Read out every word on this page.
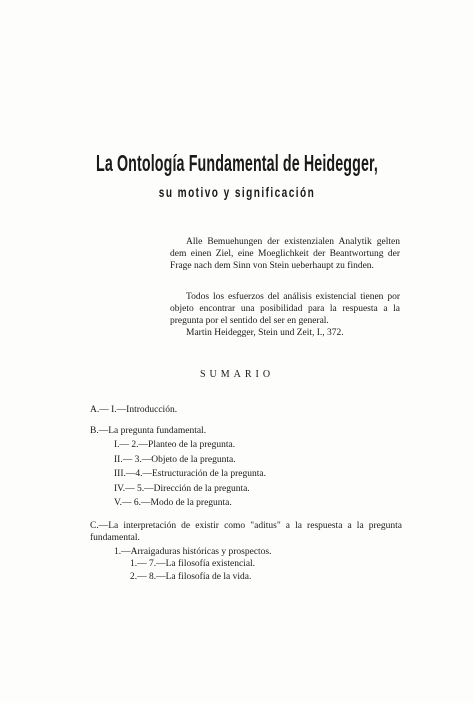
La Ontología Fundamental de Heidegger,
su motivo y significación

Alle Bemuehungen der existenzialen Analytik gelten dem einen Ziel, eine Moeglichkeit der Beantwortung der Frage nach dem Sinn von Stein ueberhaupt zu finden.

Todos los esfuerzos del análisis existencial tienen por objeto encontrar una posibilidad para la respuesta a la pregunta por el sentido del ser en general.

Martin Heidegger, Stein und Zeit, I., 372.

SUMARIO
A.— I.—Introducción.
B.—La pregunta fundamental.
I.— 2.—Planteo de la pregunta.
II.— 3.—Objeto de la pregunta.
III.—4.—Estructuración de la pregunta.
IV.— 5.—Dirección de la pregunta.
V.— 6.—Modo de la pregunta.
C.—La interpretación de existir como "aditus" a la respuesta a la pregunta fundamental.
1.—Arraigaduras históricas y prospectos.
1.— 7.—La filosofía existencial.
2.— 8.—La filosofía de la vida.
